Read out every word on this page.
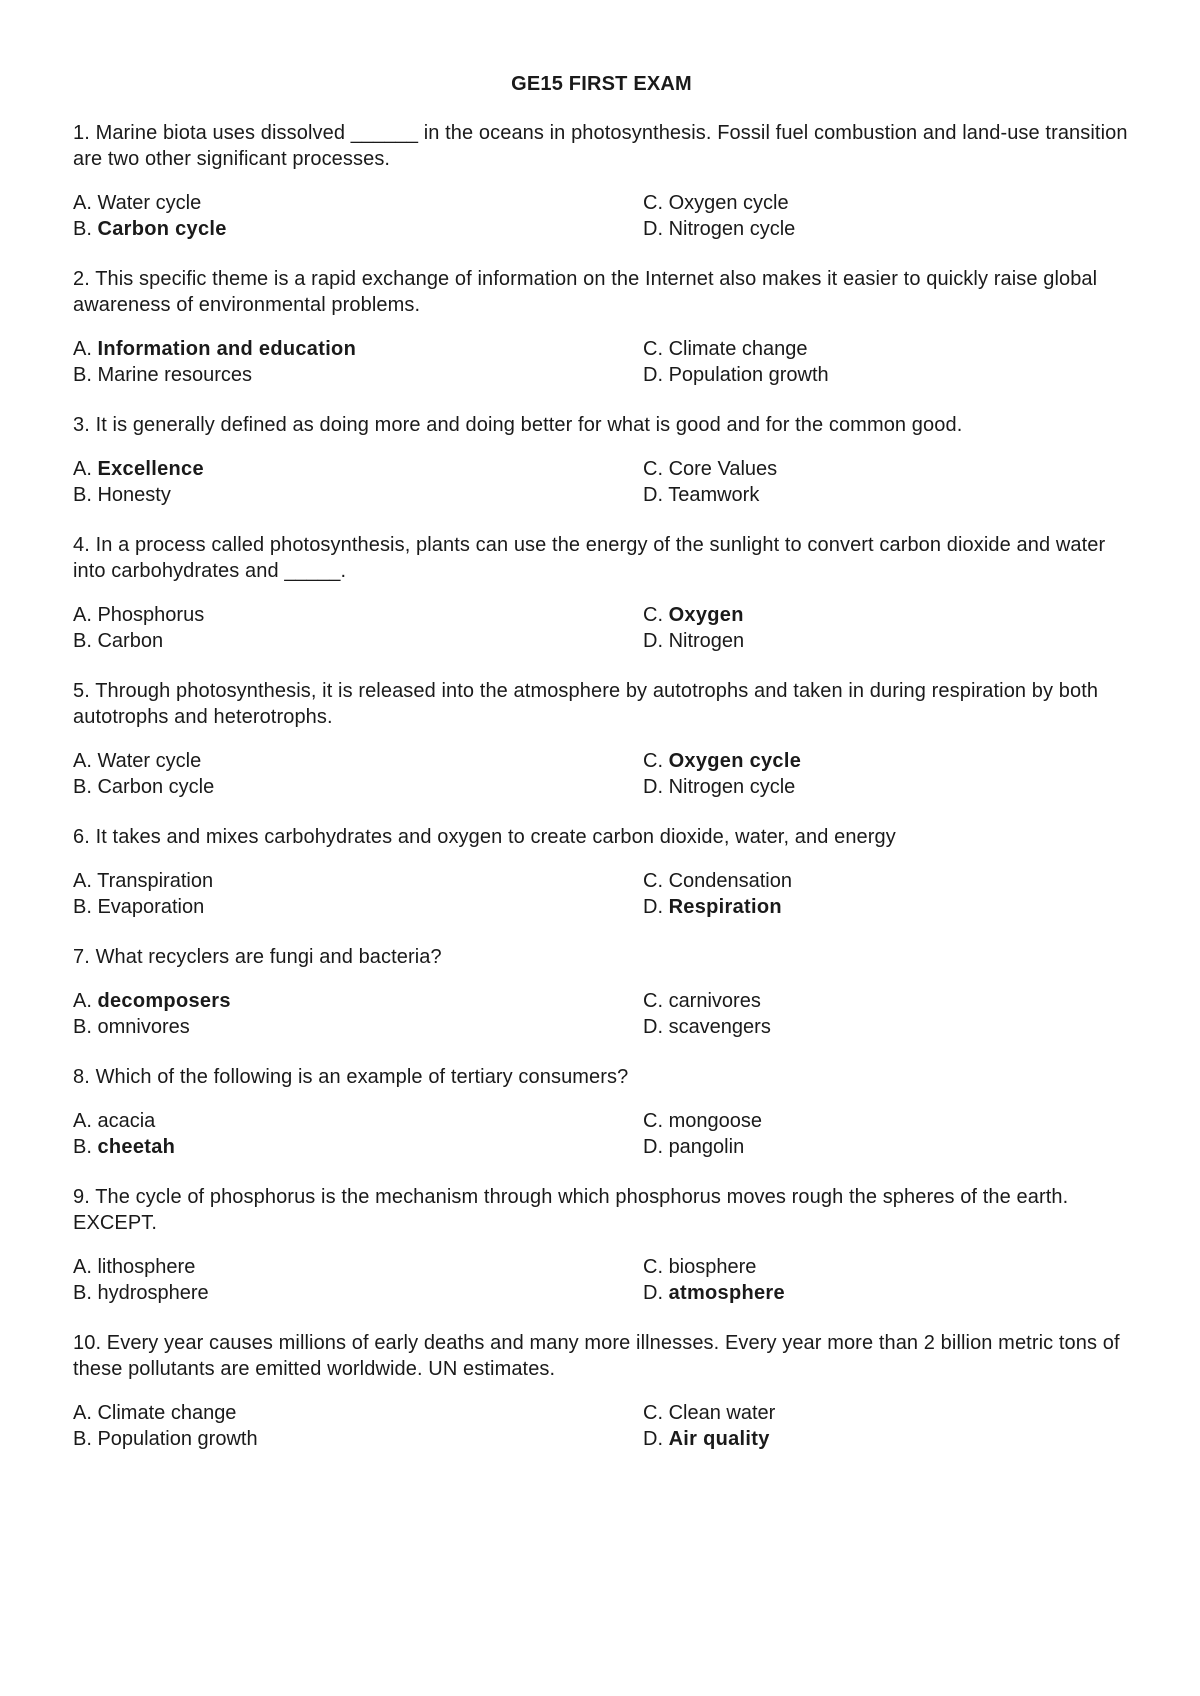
GE15 FIRST EXAM
1. Marine biota uses dissolved ______ in the oceans in photosynthesis. Fossil fuel combustion and land-use transition are two other significant processes.
A. Water cycle	C. Oxygen cycle
B. Carbon cycle	D. Nitrogen cycle
2. This specific theme is a rapid exchange of information on the Internet also makes it easier to quickly raise global awareness of environmental problems.
A. Information and education	C. Climate change
B. Marine resources	D. Population growth
3. It is generally defined as doing more and doing better for what is good and for the common good.
A. Excellence	C. Core Values
B. Honesty	D. Teamwork
4. In a process called photosynthesis, plants can use the energy of the sunlight to convert carbon dioxide and water into carbohydrates and _____.
A. Phosphorus	C. Oxygen
B. Carbon	D. Nitrogen
5. Through photosynthesis, it is released into the atmosphere by autotrophs and taken in during respiration by both autotrophs and heterotrophs.
A. Water cycle	C. Oxygen cycle
B. Carbon cycle	D. Nitrogen cycle
6. It takes and mixes carbohydrates and oxygen to create carbon dioxide, water, and energy
A. Transpiration	C. Condensation
B. Evaporation	D. Respiration
7. What recyclers are fungi and bacteria?
A. decomposers	C. carnivores
B. omnivores	D. scavengers
8. Which of the following is an example of tertiary consumers?
A. acacia	C. mongoose
B. cheetah	D. pangolin
9. The cycle of phosphorus is the mechanism through which phosphorus moves rough the spheres of the earth. EXCEPT.
A. lithosphere	C. biosphere
B. hydrosphere	D. atmosphere
10. Every year causes millions of early deaths and many more illnesses. Every year more than 2 billion metric tons of these pollutants are emitted worldwide. UN estimates.
A. Climate change	C. Clean water
B. Population growth	D. Air quality
